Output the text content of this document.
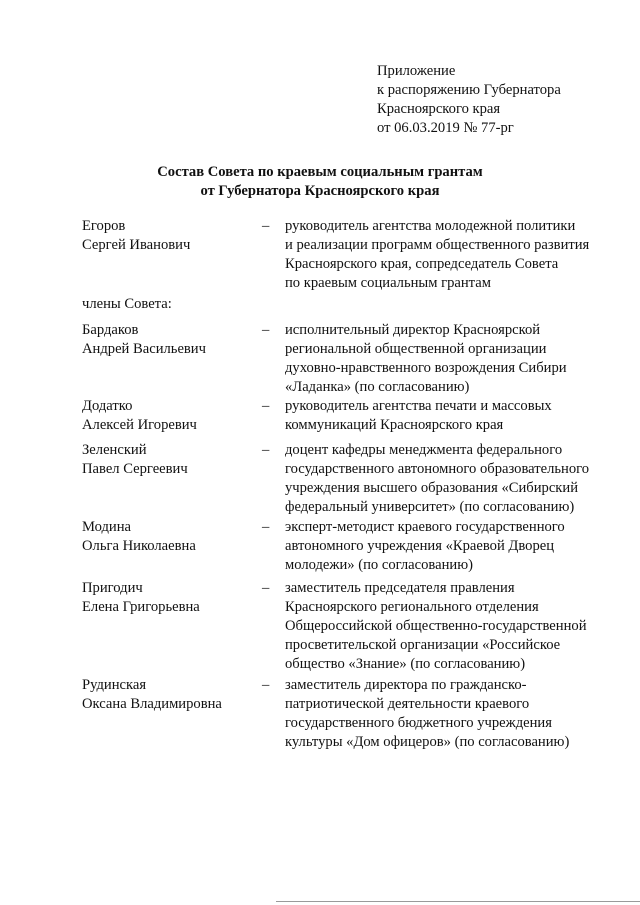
Приложение
к распоряжению Губернатора
Красноярского края
от 06.03.2019 № 77-рг
Состав Совета по краевым социальным грантам
от Губернатора Красноярского края
Егоров
Сергей Иванович
– руководитель агентства молодежной политики
и реализации программ общественного развития
Красноярского края, сопредседатель Совета
по краевым социальным грантам
члены Совета:
Бардаков
Андрей Васильевич
– исполнительный директор Красноярской
региональной общественной организации
духовно-нравственного возрождения Сибири
«Ладанка» (по согласованию)
Додатко
Алексей Игоревич
– руководитель агентства печати и массовых
коммуникаций Красноярского края
Зеленский
Павел Сергеевич
– доцент кафедры менеджмента федерального
государственного автономного образовательного
учреждения высшего образования «Сибирский
федеральный университет» (по согласованию)
Модина
Ольга Николаевна
– эксперт-методист краевого государственного
автономного учреждения «Краевой Дворец
молодежи» (по согласованию)
Пригодич
Елена Григорьевна
– заместитель председателя правления
Красноярского регионального отделения
Общероссийской общественно-государственной
просветительской организации «Российское
общество «Знание» (по согласованию)
Рудинская
Оксана Владимировна
– заместитель директора по гражданско-
патриотической деятельности краевого
государственного бюджетного учреждения
культуры «Дом офицеров» (по согласованию)
